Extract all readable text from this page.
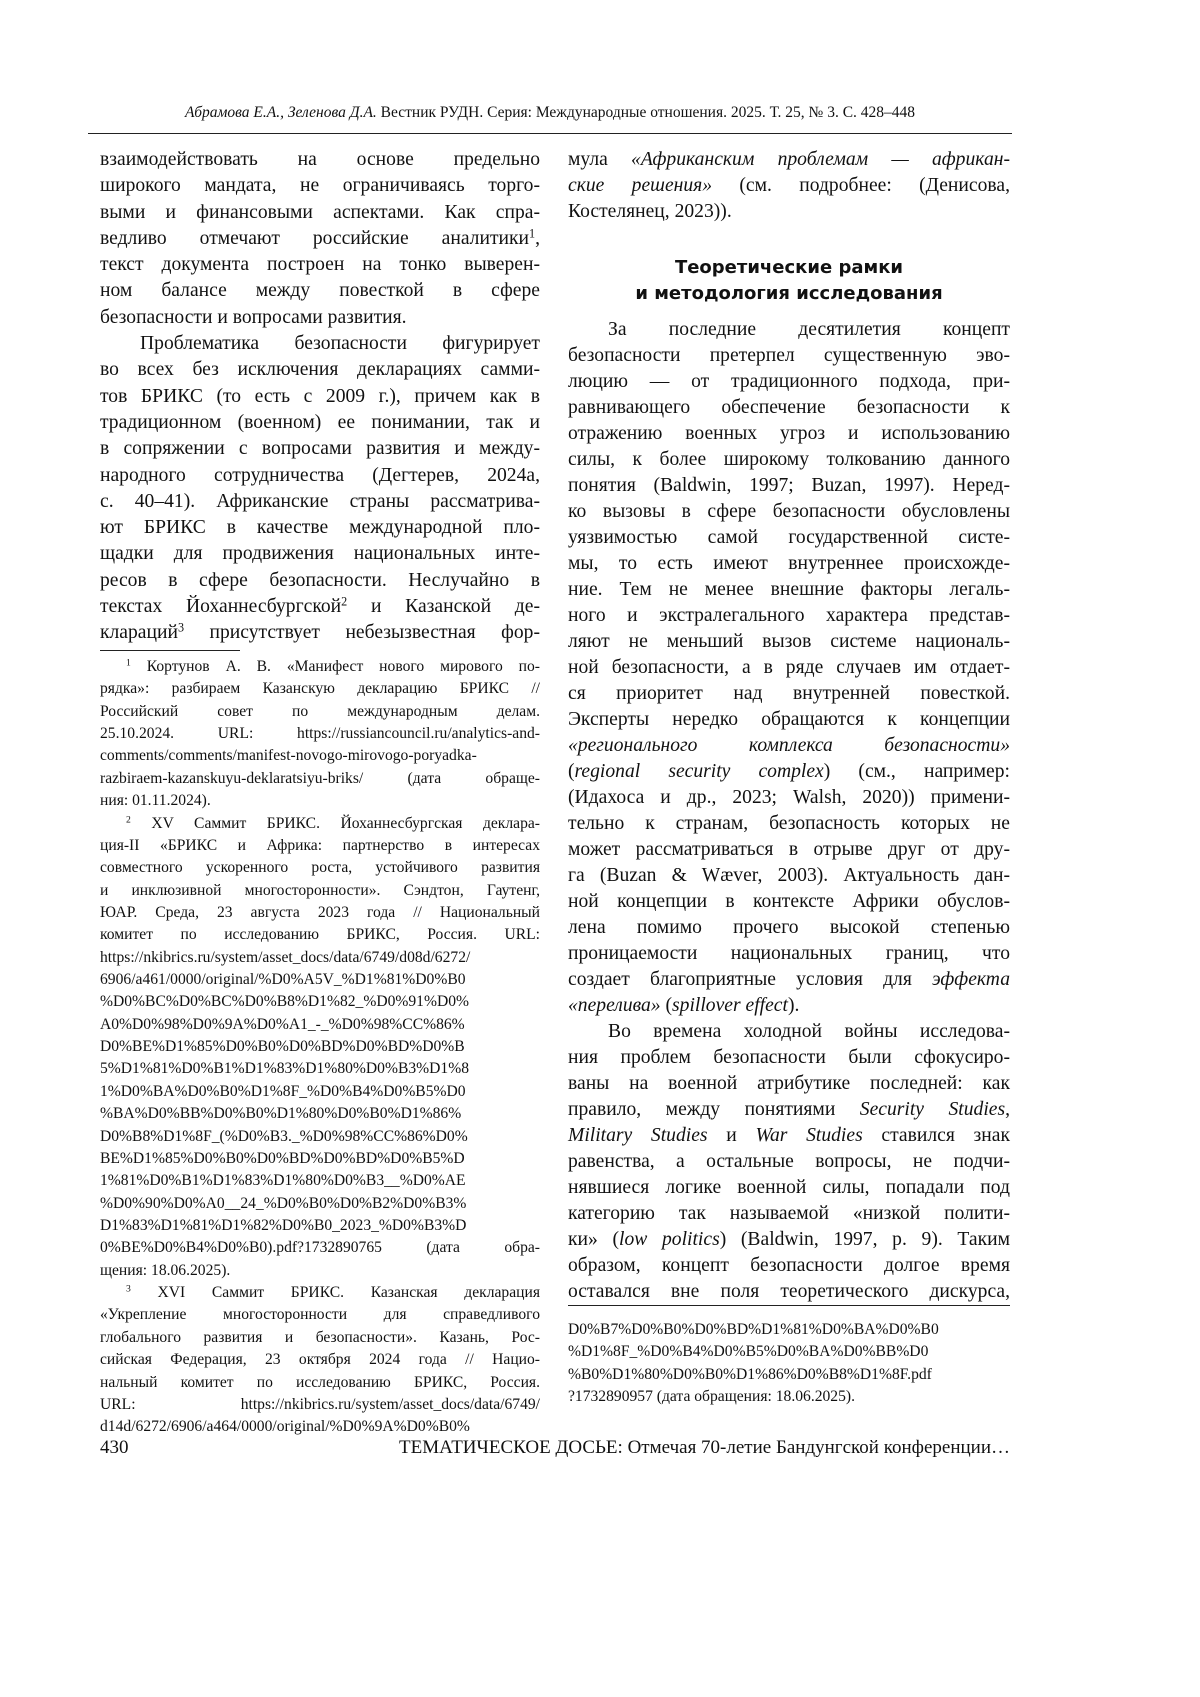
Абрамова Е.А., Зеленова Д.А. Вестник РУДН. Серия: Международные отношения. 2025. Т. 25, № 3. С. 428–448
взаимодействовать на основе предельно
широкого мандата, не ограничиваясь торго-
выми и финансовыми аспектами. Как спра-
ведливо отмечают российские аналитики1,
текст документа построен на тонко выверен-
ном балансе между повесткой в сфере
безопасности и вопросами развития.
Проблематика безопасности фигурирует
во всех без исключения декларациях самми-
тов БРИКС (то есть с 2009 г.), причем как в
традиционном (военном) ее понимании, так и
в сопряжении с вопросами развития и между-
народного сотрудничества (Дегтерев, 2024a,
с. 40–41). Африканские страны рассматрива-
ют БРИКС в качестве международной пло-
щадки для продвижения национальных инте-
ресов в сфере безопасности. Неслучайно в
текстах Йоханнесбургской2 и Казанской де-
клараций3 присутствует небезызвестная фор-
1 Кортунов А. В. «Манифест нового мирового по-
рядка»: разбираем Казанскую декларацию БРИКС //
Российский совет по международным делам.
25.10.2024. URL: https://russiancouncil.ru/analytics-and-
comments/comments/manifest-novogo-mirovogo-poryadka-
razbiraem-kazanskuyu-deklaratsiyu-briks/ (дата обраще-
ния: 01.11.2024).
2 XV Саммит БРИКС. Йоханнесбургская деклара-
ция-II «БРИКС и Африка: партнерство в интересах
совместного ускоренного роста, устойчивого развития
и инклюзивной многосторонности». Сэндтон, Гаутенг,
ЮАР. Среда, 23 августа 2023 года // Национальный
комитет по исследованию БРИКС, Россия. URL:
https://nkibrics.ru/system/asset_docs/data/6749/d08d/6272/
6906/a461/0000/original/%D0%A5V_%D1%81%D0%B0
%D0%BC%D0%BC%D0%B8%D1%82_%D0%91%D0%
A0%D0%98%D0%9A%D0%A1_-_%D0%98%CC%86%
D0%BE%D1%85%D0%B0%D0%BD%D0%BD%D0%B
5%D1%81%D0%B1%D1%83%D1%80%D0%B3%D1%8
1%D0%BA%D0%B0%D1%8F_%D0%B4%D0%B5%D0
%BA%D0%BB%D0%B0%D1%80%D0%B0%D1%86%
D0%B8%D1%8F_(%D0%B3._%D0%98%CC%86%D0%
BE%D1%85%D0%B0%D0%BD%D0%BD%D0%B5%D
1%81%D0%B1%D1%83%D1%80%D0%B3__%D0%AE
%D0%90%D0%A0__24_%D0%B0%D0%B2%D0%B3%
D1%83%D1%81%D1%82%D0%B0_2023_%D0%B3%D
0%BE%D0%B4%D0%B0).pdf?1732890765 (дата обра-
щения: 18.06.2025).
3 XVI Саммит БРИКС. Казанская декларация
«Укрепление многосторонности для справедливого
глобального развития и безопасности». Казань, Рос-
сийская Федерация, 23 октября 2024 года // Нацио-
нальный комитет по исследованию БРИКС, Россия.
URL: https://nkibrics.ru/system/asset_docs/data/6749/
d14d/6272/6906/a464/0000/original/%D0%9A%D0%B0%
мула «Африканским проблемам — африкан-
ские решения» (см. подробнее: (Денисова,
Костелянец, 2023)).
Теоретические рамки
и методология исследования
За последние десятилетия концепт
безопасности претерпел существенную эво-
люцию — от традиционного подхода, при-
равнивающего обеспечение безопасности к
отражению военных угроз и использованию
силы, к более широкому толкованию данного
понятия (Baldwin, 1997; Buzan, 1997). Неред-
ко вызовы в сфере безопасности обусловлены
уязвимостью самой государственной систе-
мы, то есть имеют внутреннее происхожде-
ние. Тем не менее внешние факторы легаль-
ного и экстралегального характера представ-
ляют не меньший вызов системе националь-
ной безопасности, а в ряде случаев им отдает-
ся приоритет над внутренней повесткой.
Эксперты нередко обращаются к концепции
«регионального комплекса безопасности»
(regional security complex) (см., например:
(Идахоса и др., 2023; Walsh, 2020)) примени-
тельно к странам, безопасность которых не
может рассматриваться в отрыве друг от дру-
га (Buzan & Wæver, 2003). Актуальность дан-
ной концепции в контексте Африки обуслов-
лена помимо прочего высокой степенью
проницаемости национальных границ, что
создает благоприятные условия для эффекта
«перелива» (spillover effect).
Во времена холодной войны исследова-
ния проблем безопасности были сфокусиро-
ваны на военной атрибутике последней: как
правило, между понятиями Security Studies,
Military Studies и War Studies ставился знак
равенства, а остальные вопросы, не подчи-
нявшиеся логике военной силы, попадали под
категорию так называемой «низкой полити-
ки» (low politics) (Baldwin, 1997, p. 9). Таким
образом, концепт безопасности долгое время
оставался вне поля теоретического дискурса,
D0%B7%D0%B0%D0%BD%D1%81%D0%BA%D0%B0
%D1%8F_%D0%B4%D0%B5%D0%BA%D0%BB%D0
%B0%D1%80%D0%B0%D1%86%D0%B8%D1%8F.pdf
?1732890957 (дата обращения: 18.06.2025).
430	ТЕМАТИЧЕСКОЕ ДОСЬЕ: Отмечая 70-летие Бандунгской конференции…
